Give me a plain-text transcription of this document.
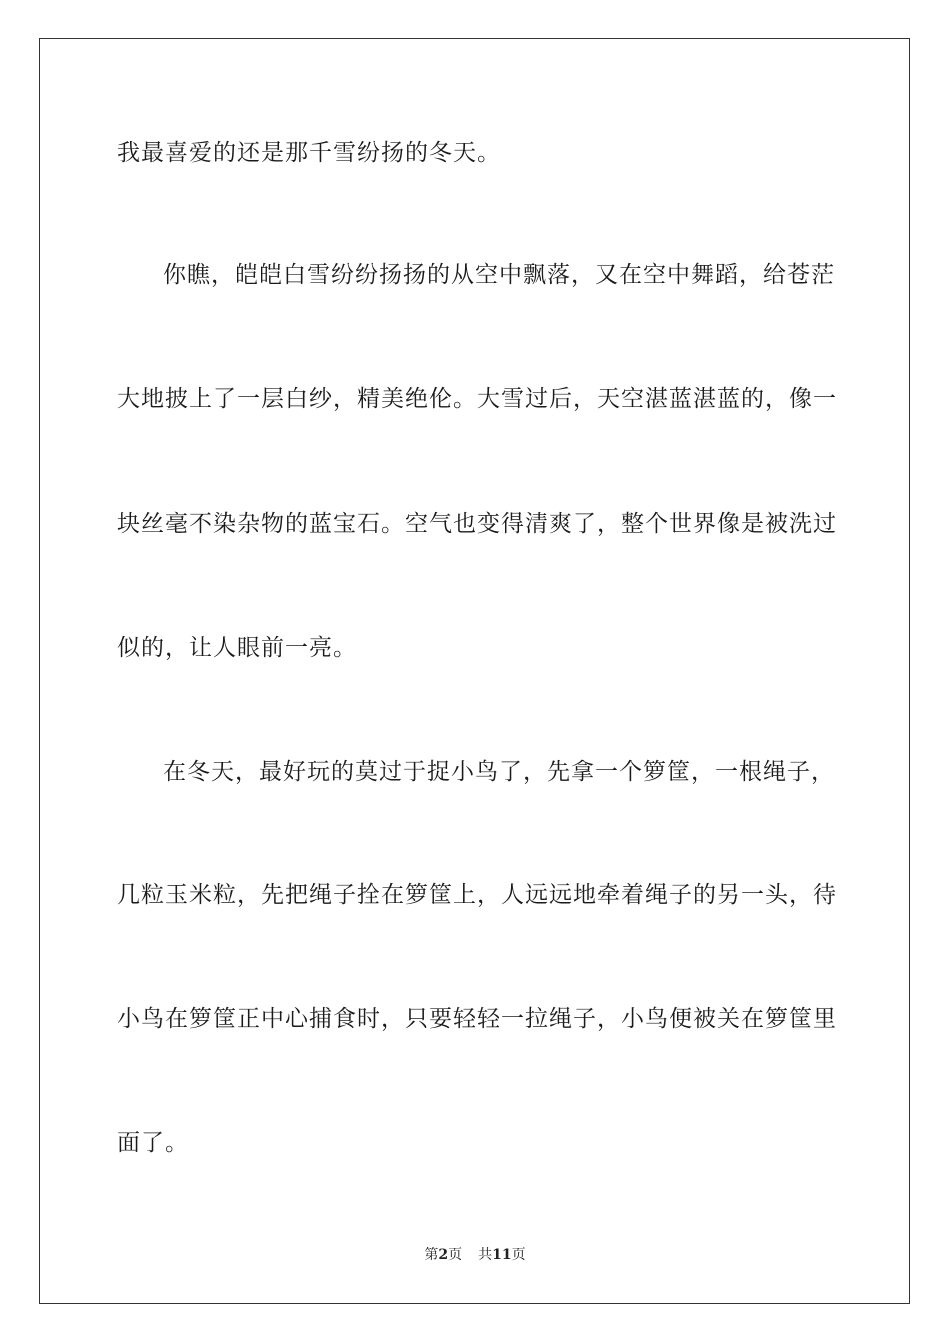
我最喜爱的还是那千雪纷扬的冬天。
你瞧，皑皑白雪纷纷扬扬的从空中飘落，又在空中舞蹈，给苍茫
大地披上了一层白纱，精美绝伦。大雪过后，天空湛蓝湛蓝的，像一
块丝毫不染杂物的蓝宝石。空气也变得清爽了，整个世界像是被洗过
似的，让人眼前一亮。
在冬天，最好玩的莫过于捉小鸟了，先拿一个箩筐，一根绳子，
几粒玉米粒，先把绳子拴在箩筐上，人远远地牵着绳子的另一头，待
小鸟在箩筐正中心捕食时，只要轻轻一拉绳子，小鸟便被关在箩筐里
面了。
第2页 共11页
